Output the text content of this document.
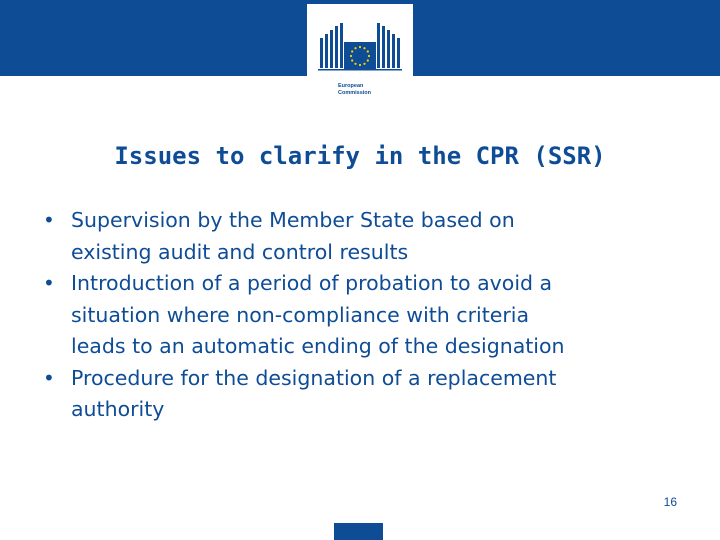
European
Commission
Issues to clarify in the CPR (SSR)
• Supervision by the Member State based on
existing audit and control results
• Introduction of a period of probation to avoid a
situation where non-compliance with criteria
leads to an automatic ending of the designation
• Procedure for the designation of a replacement
authority
16
